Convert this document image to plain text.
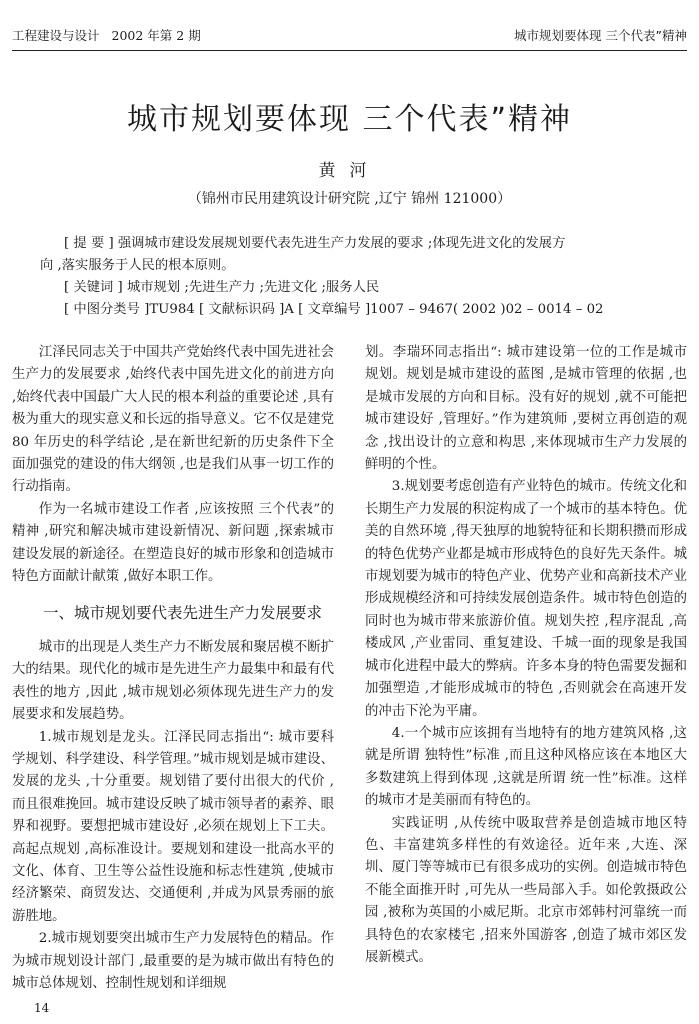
工程建设与设计 2002 年第 2 期	城市规划要体现 三个代表”精神
城市规划要体现 三个代表”精神
黄河
（锦州市民用建筑设计研究院 ,辽宁 锦州 121000）

[ 提 要 ] 强调城市建设发展规划要代表先进生产力发展的要求 ;体现先进文化的发展方

向 ,落实服务于人民的根本原则。

[ 关键词 ] 城市规划 ;先进生产力 ;先进文化 ;服务人民

[ 中图分类号 ]TU984 [ 文献标识码 ]A [ 文章编号 ]1007 – 9467( 2002 )02 – 0014 – 02

江泽民同志关于中国共产党始终代表中国先进社会生产力的发展要求 ,始终代表中国先进文化的前进方向 ,始终代表中国最广大人民的根本利益的重要论述 ,具有极为重大的现实意义和长远的指导意义。它不仅是建党 80 年历史的科学结论 ,是在新世纪新的历史条件下全面加强党的建设的伟大纲领 ,也是我们从事一切工作的行动指南。

作为一名城市建设工作者 ,应该按照 三个代表”的精神 ,研究和解决城市建设新情况、新问题 ,探索城市建设发展的新途径。在塑造良好的城市形象和创造城市特色方面献计献策 ,做好本职工作。

一、城市规划要代表先进生产力发展要求

城市的出现是人类生产力不断发展和聚居模不断扩大的结果。现代化的城市是先进生产力最集中和最有代表性的地方 ,因此 ,城市规划必须体现先进生产力的发展要求和发展趋势。

1.城市规划是龙头。江泽民同志指出“: 城市要科学规划、科学建设、科学管理。”城市规划是城市建设、发展的龙头 ,十分重要。规划错了要付出很大的代价 ,而且很难挽回。城市建设反映了城市领导者的素养、眼界和视野。要想把城市建设好 ,必须在规划上下工夫。高起点规划 ,高标准设计。要规划和建设一批高水平的文化、体育、卫生等公益性设施和标志性建筑 ,使城市经济繁荣、商贸发达、交通便利 ,并成为风景秀丽的旅游胜地。

2.城市规划要突出城市生产力发展特色的精品。作为城市规划设计部门 ,最重要的是为城市做出有特色的城市总体规划、控制性规划和详细规

划。李瑞环同志指出“: 城市建设第一位的工作是城市规划。规划是城市建设的蓝图 ,是城市管理的依据 ,也是城市发展的方向和目标。没有好的规划 ,就不可能把城市建设好 ,管理好。”作为建筑师 ,要树立再创造的观念 ,找出设计的立意和构思 ,来体现城市生产力发展的鲜明的个性。

3.规划要考虑创造有产业特色的城市。传统文化和长期生产力发展的积淀构成了一个城市的基本特色。优美的自然环境 ,得天独厚的地貌特征和长期积攒而形成的特色优势产业都是城市形成特色的良好先天条件。城市规划要为城市的特色产业、优势产业和高新技术产业形成规模经济和可持续发展创造条件。城市特色创造的同时也为城市带来旅游价值。规划失控 ,程序混乱 ,高楼成风 ,产业雷同、重复建设、千城一面的现象是我国城市化进程中最大的弊病。许多本身的特色需要发掘和加强塑造 ,才能形成城市的特色 ,否则就会在高速开发的冲击下沦为平庸。

4.一个城市应该拥有当地特有的地方建筑风格 ,这就是所谓 独特性”标准 ,而且这种风格应该在本地区大多数建筑上得到体现 ,这就是所谓 统一性”标准。这样的城市才是美丽而有特色的。

实践证明 ,从传统中吸取营养是创造城市地区特色、丰富建筑多样性的有效途径。近年来 ,大连、深圳、厦门等等城市已有很多成功的实例。创造城市特色不能全面推开时 ,可先从一些局部入手。如伦敦摄政公园 ,被称为英国的小威尼斯。北京市郊韩村河靠统一而具特色的农家楼宅 ,招来外国游客 ,创造了城市郊区发展新模式。

14
